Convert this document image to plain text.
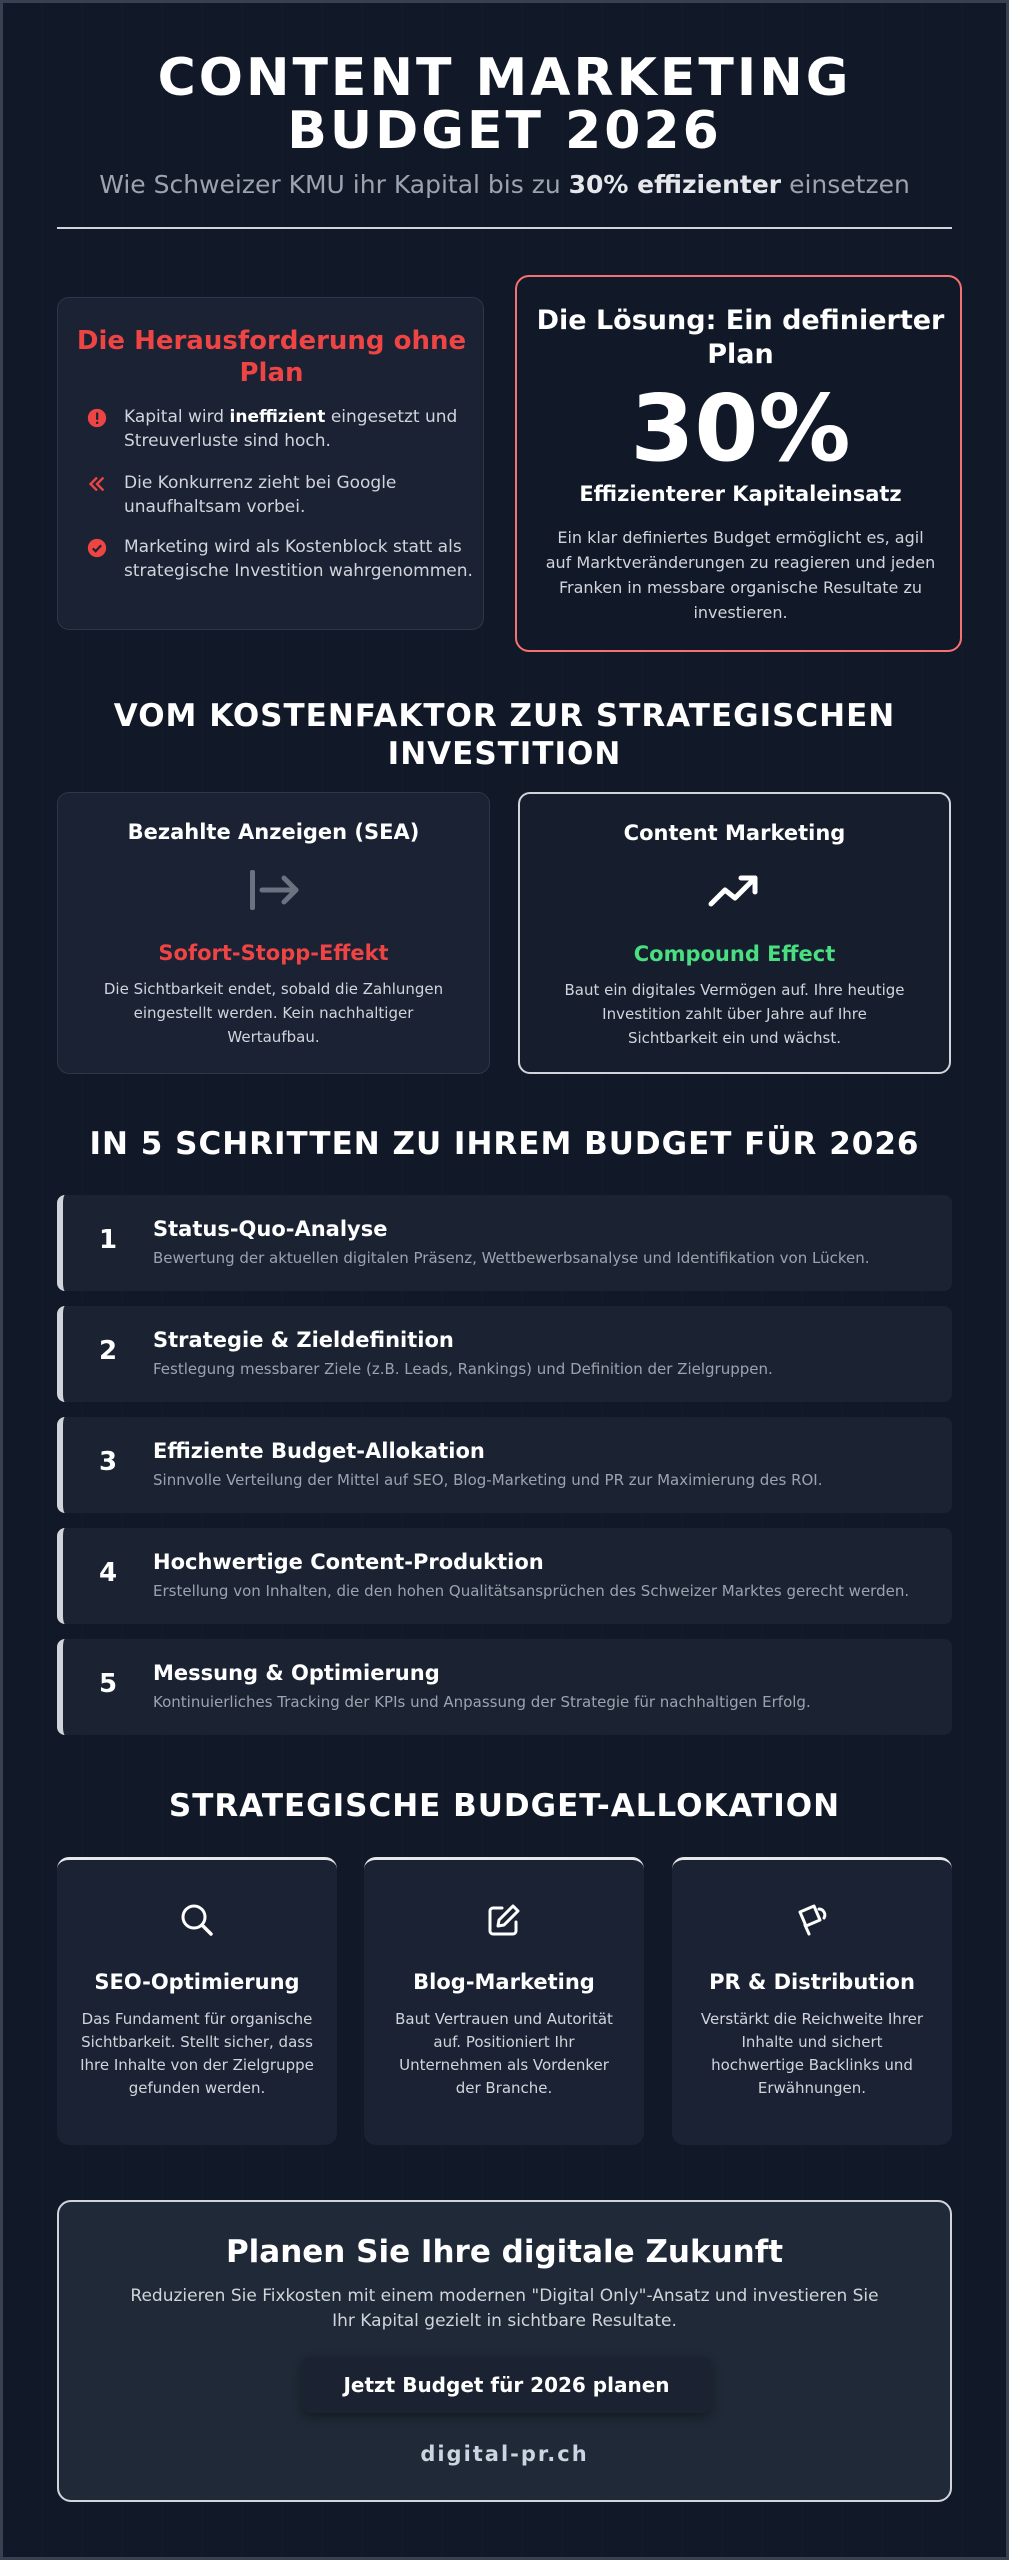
CONTENT MARKETING
BUDGET 2026
Wie Schweizer KMU ihr Kapital bis zu 30% effizienter einsetzen
Die Herausforderung ohne Plan
Kapital wird ineffizient eingesetzt und Streuverluste sind hoch.
Die Konkurrenz zieht bei Google unaufhaltsam vorbei.
Marketing wird als Kostenblock statt als strategische Investition wahrgenommen.
Die Lösung: Ein definierter Plan
30%
Effizienterer Kapitaleinsatz
Ein klar definiertes Budget ermöglicht es, agil auf Marktveränderungen zu reagieren und jeden Franken in messbare organische Resultate zu investieren.
VOM KOSTENFAKTOR ZUR STRATEGISCHEN INVESTITION
Bezahlte Anzeigen (SEA)
Sofort-Stopp-Effekt
Die Sichtbarkeit endet, sobald die Zahlungen eingestellt werden. Kein nachhaltiger Wertaufbau.
Content Marketing
Compound Effect
Baut ein digitales Vermögen auf. Ihre heutige Investition zahlt über Jahre auf Ihre Sichtbarkeit ein und wächst.
IN 5 SCHRITTEN ZU IHREM BUDGET FÜR 2026
1 Status-Quo-Analyse
Bewertung der aktuellen digitalen Präsenz, Wettbewerbsanalyse und Identifikation von Lücken.
2 Strategie & Zieldefinition
Festlegung messbarer Ziele (z.B. Leads, Rankings) und Definition der Zielgruppen.
3 Effiziente Budget-Allokation
Sinnvolle Verteilung der Mittel auf SEO, Blog-Marketing und PR zur Maximierung des ROI.
4 Hochwertige Content-Produktion
Erstellung von Inhalten, die den hohen Qualitätsansprüchen des Schweizer Marktes gerecht werden.
5 Messung & Optimierung
Kontinuierliches Tracking der KPIs und Anpassung der Strategie für nachhaltigen Erfolg.
STRATEGISCHE BUDGET-ALLOKATION
SEO-Optimierung
Das Fundament für organische Sichtbarkeit. Stellt sicher, dass Ihre Inhalte von der Zielgruppe gefunden werden.
Blog-Marketing
Baut Vertrauen und Autorität auf. Positioniert Ihr Unternehmen als Vordenker der Branche.
PR & Distribution
Verstärkt die Reichweite Ihrer Inhalte und sichert hochwertige Backlinks und Erwähnungen.
Planen Sie Ihre digitale Zukunft
Reduzieren Sie Fixkosten mit einem modernen "Digital Only"-Ansatz und investieren Sie Ihr Kapital gezielt in sichtbare Resultate.
Jetzt Budget für 2026 planen
digital-pr.ch
